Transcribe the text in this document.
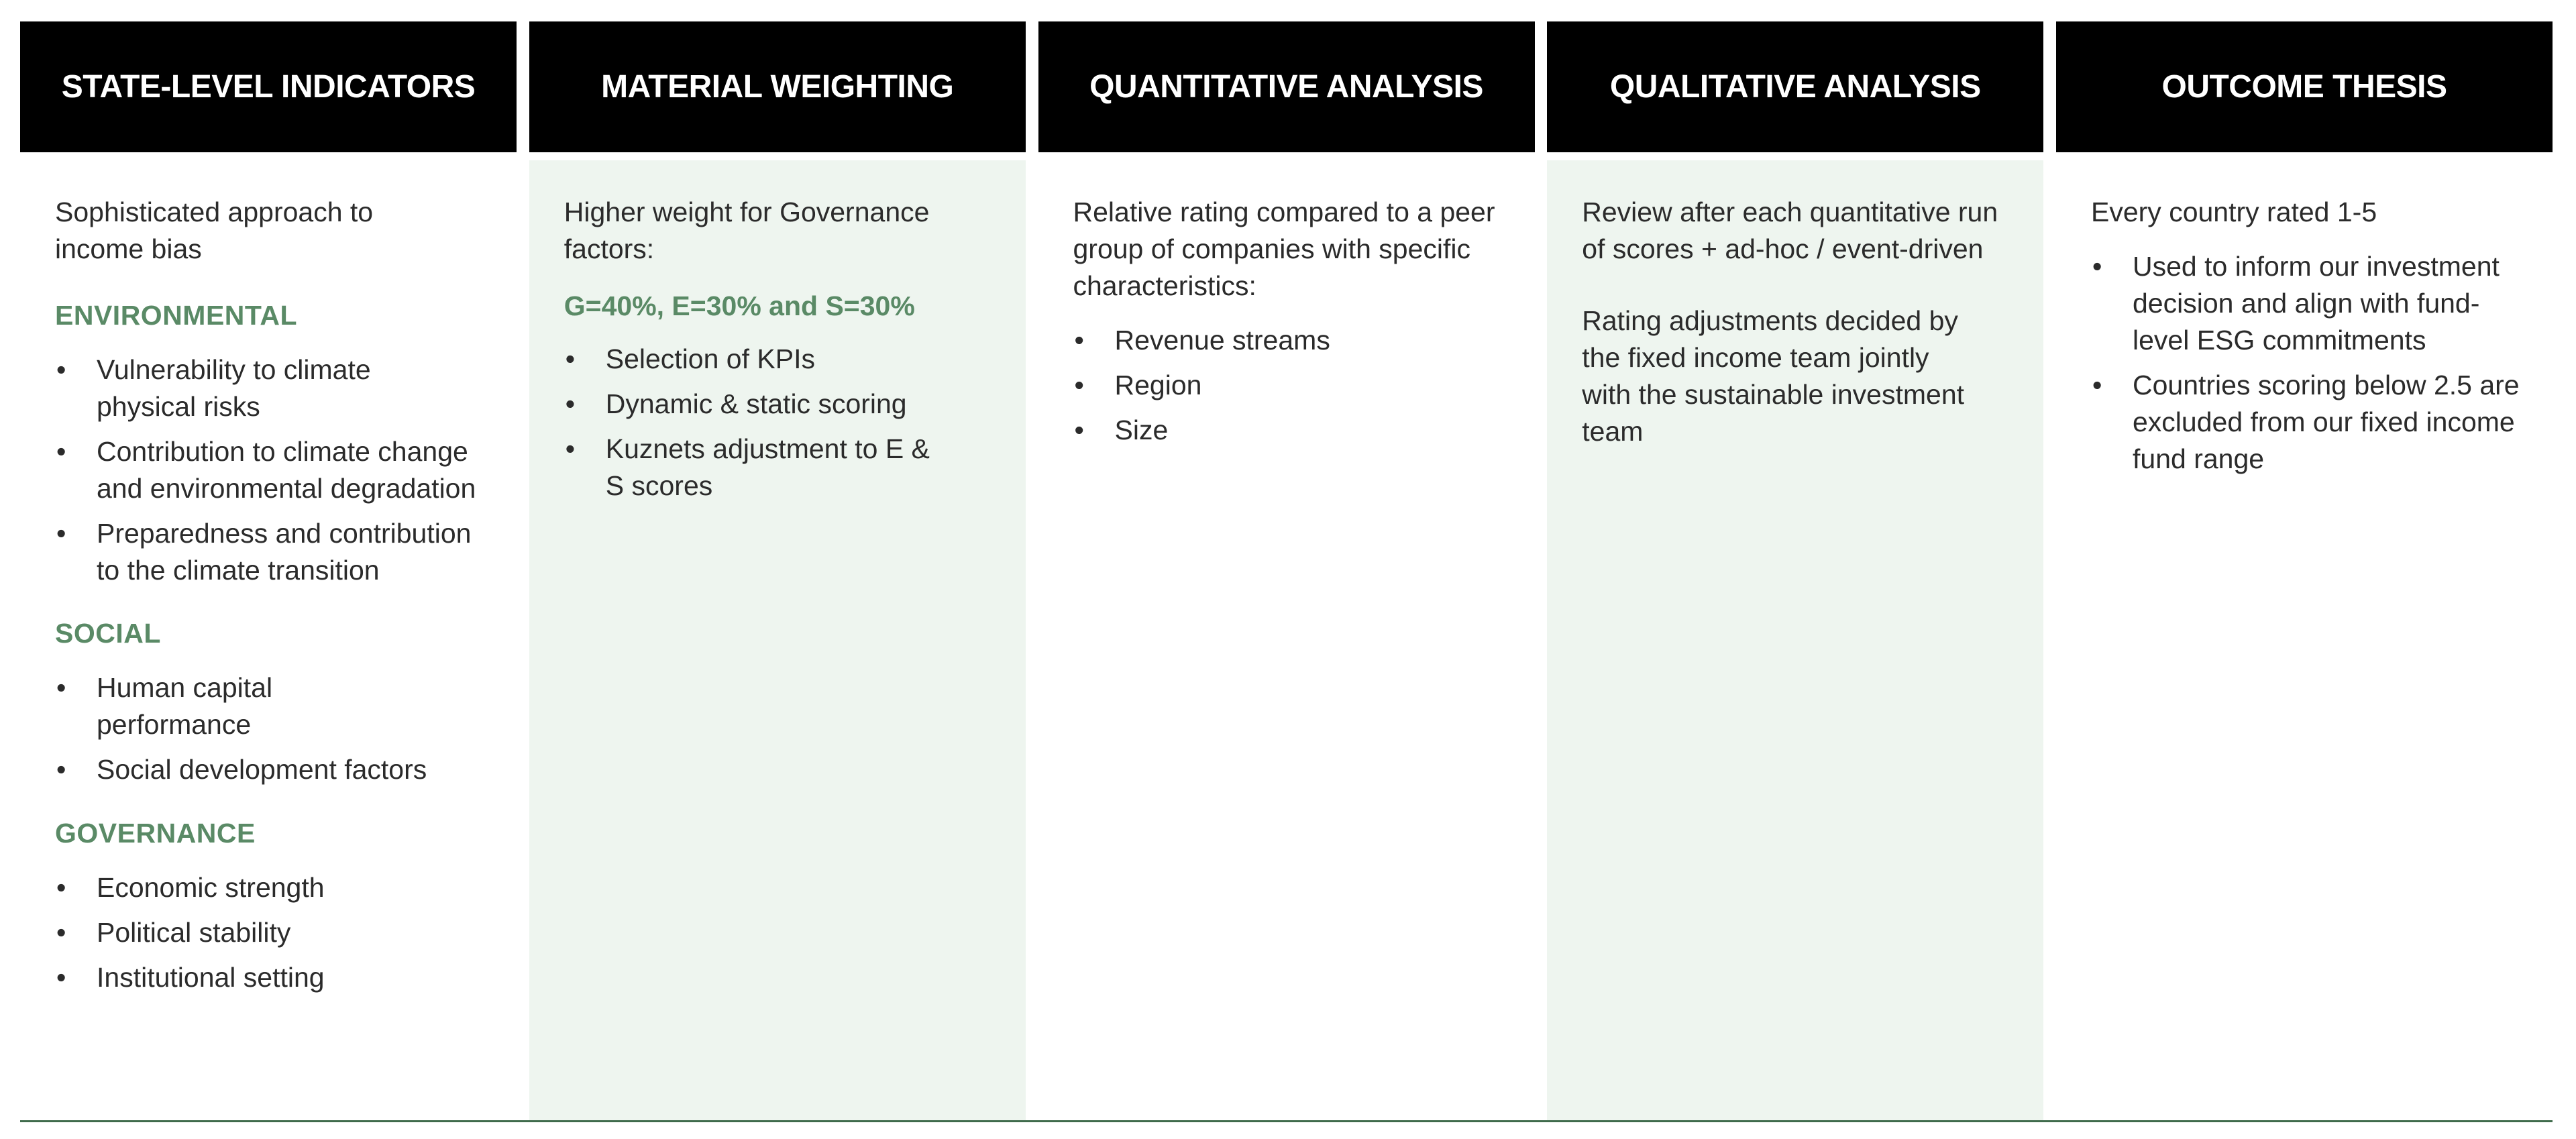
STATE-LEVEL INDICATORS

Sophisticated approach to income bias

ENVIRONMENTAL
• Vulnerability to climate physical risks
• Contribution to climate change and environmental degradation
• Preparedness and contribution to the climate transition
SOCIAL
• Human capital performance
• Social development factors
GOVERNANCE
• Economic strength
• Political stability
• Institutional setting
MATERIAL WEIGHTING

Higher weight for Governance factors:

G=40%, E=30% and S=30%
• Selection of KPIs
• Dynamic & static scoring
• Kuznets adjustment to E & S scores
QUANTITATIVE ANALYSIS

Relative rating compared to a peer group of companies with specific characteristics:

• Revenue streams
• Region
• Size
QUALITATIVE ANALYSIS

Review after each quantitative run of scores + ad-hoc / event-driven

Rating adjustments decided by the fixed income team jointly with the sustainable investment team

OUTCOME THESIS

Every country rated 1-5

• Used to inform our investment decision and align with fund-level ESG commitments
• Countries scoring below 2.5 are excluded from our fixed income fund range
